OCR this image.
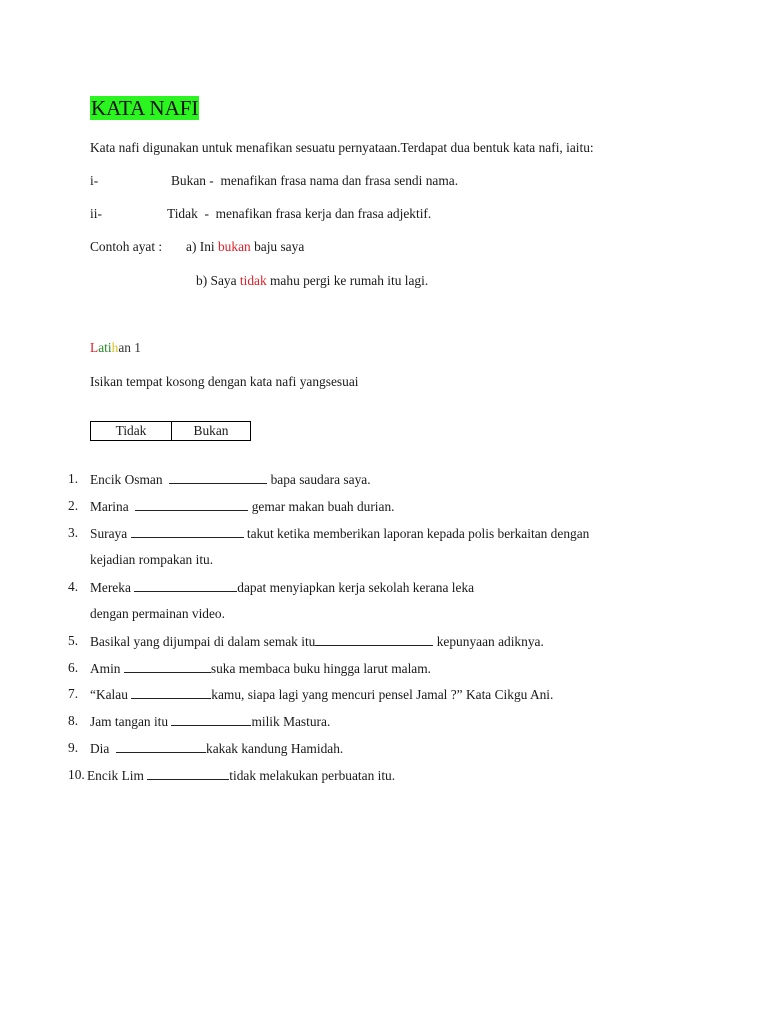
KATA NAFI
Kata nafi digunakan untuk menafikan sesuatu pernyataan.Terdapat dua bentuk kata nafi, iaitu:
i-	Bukan -  menafikan frasa nama dan frasa sendi nama.
ii-	Tidak  -  menafikan frasa kerja dan frasa adjektif.
Contoh ayat : a) Ini bukan baju saya
b) Saya tidak mahu pergi ke rumah itu lagi.
Latihan 1
Isikan tempat kosong dengan kata nafi yangsesuai
Tidak	Bukan
1. Encik Osman	bapa saudara saya.
2. Marina	gemar makan buah durian.
3. Suraya	takut ketika memberikan laporan kepada polis berkaitan dengan
kejadian rompakan itu.
4. Mereka	dapat menyiapkan kerja sekolah kerana leka
dengan permainan video.
5. Basikal yang dijumpai di dalam semak itu	kepunyaan adiknya.
6. Amin	suka membaca buku hingga larut malam.
7. “Kalau	kamu, siapa lagi yang mencuri pensel Jamal ?” Kata Cikgu Ani.
8. Jam tangan itu	milik Mastura.
9. Dia	kakak kandung Hamidah.
10. Encik Lim	tidak melakukan perbuatan itu.
